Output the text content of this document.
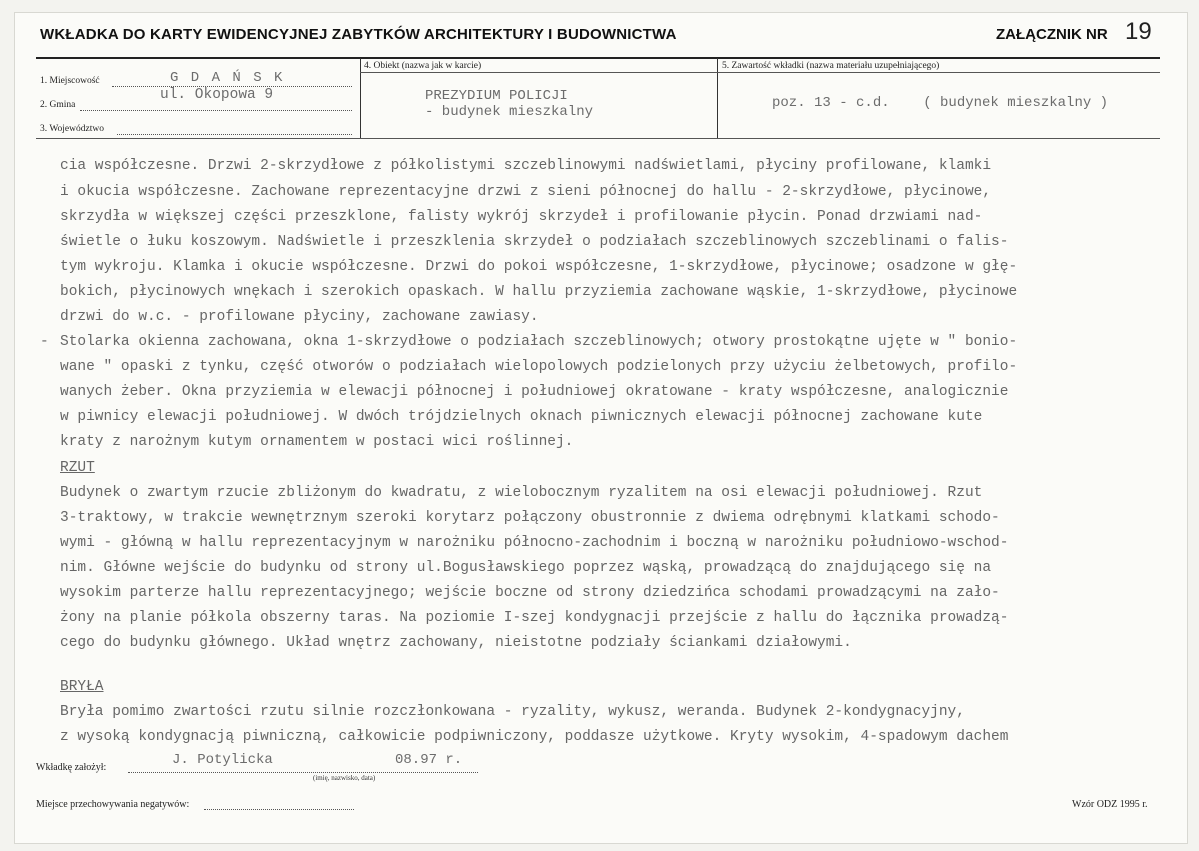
WKŁADKA DO KARTY EWIDENCYJNEJ ZABYTKÓW ARCHITEKTURY I BUDOWNICTWA	ZAŁĄCZNIK NR 19
1. Miejscowość	G D A Ń S K
ul. Okopowa 9
2. Gmina
3. Województwo
4. Obiekt (nazwa jak w karcie)
PREZYDIUM POLICJI
- budynek mieszkalny
5. Zawartość wkładki (nazwa materiału uzupełniającego)
poz. 13 - c.d.    ( budynek mieszkalny )
cia współczesne. Drzwi 2-skrzydłowe z półkolistymi szczeblinowymi nadświetlami, płyciny profilowane, klamki
i okucia współczesne. Zachowane reprezentacyjne drzwi z sieni północnej do hallu - 2-skrzydłowe, płycinowe,
skrzydła w większej części przeszklone, falisty wykrój skrzydeł i profilowanie płycin. Ponad drzwiami nad-
świetle o łuku koszowym. Nadświetle i przeszklenia skrzydeł o podziałach szczeblinowych szczeblinami o falis-
tym wykroju. Klamka i okucie współczesne. Drzwi do pokoi współczesne, 1-skrzydłowe, płycinowe; osadzone w głę-
bokich, płycinowych wnękach i szerokich opaskach. W hallu przyziemia zachowane wąskie, 1-skrzydłowe, płycinowe
drzwi do w.c. - profilowane płyciny, zachowane zawiasy.
- Stolarka okienna zachowana, okna 1-skrzydłowe o podziałach szczeblinowych; otwory prostokątne ujęte w " bonio-
wane " opaski z tynku, część otworów o podziałach wielopolowych podzielonych przy użyciu żelbetowych, profilo-
wanych żeber. Okna przyziemia w elewacji północnej i południowej okratowane - kraty współczesne, analogicznie
w piwnicy elewacji południowej. W dwóch trójdzielnych oknach piwnicznych elewacji północnej zachowane kute
kraty z narożnym kutym ornamentem w postaci wici roślinnej.
RZUT
Budynek o zwartym rzucie zbliżonym do kwadratu, z wielobocznym ryzalitem na osi elewacji południowej. Rzut
3-traktowy, w trakcie wewnętrznym szeroki korytarz połączony obustronnie z dwiema odrębnymi klatkami schodo-
wymi - główną w hallu reprezentacyjnym w narożniku północno-zachodnim i boczną w narożniku południowo-wschod-
nim. Główne wejście do budynku od strony ul.Bogusławskiego poprzez wąską, prowadzącą do znajdującego się na
wysokim parterze hallu reprezentacyjnego; wejście boczne od strony dziedzińca schodami prowadzącymi na zało-
żony na planie półkola obszerny taras. Na poziomie I-szej kondygnacji przejście z hallu do łącznika prowadzą-
cego do budynku głównego. Układ wnętrz zachowany, nieistotne podziały ściankami działowymi.
BRYŁA
Bryła pomimo zwartości rzutu silnie rozczłonkowana - ryzality, wykusz, weranda. Budynek 2-kondygnacyjny,
z wysoką kondygnacją piwniczną, całkowicie podpiwniczony, poddasze użytkowe. Kryty wysokim, 4-spadowym dachem
Wkładkę założył:	J. Potylicka	08.97 r.
(imię, nazwisko, data)
Miejsce przechowywania negatywów:	Wzór ODZ 1995 r.
